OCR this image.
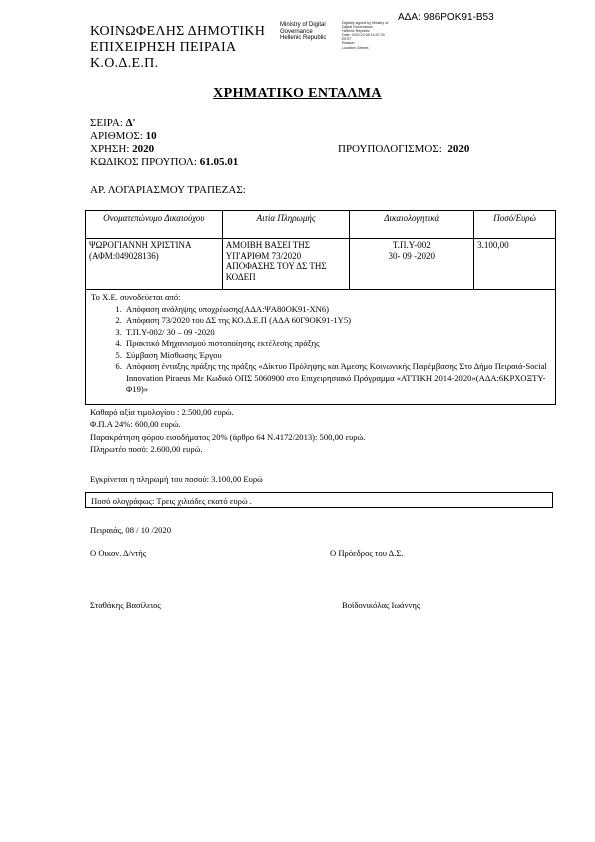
ΑΔΑ: 986ΡΟΚ91-Β53
ΚΟΙΝΩΦΕΛΗΣ ΔΗΜΟΤΙΚΗ
ΕΠΙΧΕΙΡΗΣΗ ΠΕΙΡΑΙΑ
Κ.Ο.Δ.Ε.Π.
Ministry of Digital
Governance
Hellenic Republic
Digitally signed by Ministry of
Digital Governance,
Hellenic Republic
Date: 2020.10.08 14:57:33
EEST
Reason:
Location: Athens
ΧΡΗΜΑΤΙΚΟ ΕΝΤΑΛΜΑ
ΣΕΙΡΑ: Δ'
ΑΡΙΘΜΟΣ: 10
ΧΡΗΣΗ: 2020	ΠΡΟΥΠΟΛΟΓΙΣΜΟΣ: 2020
ΚΩΔΙΚΟΣ ΠΡΟΥΠΟΛ: 61.05.01
ΑΡ. ΛΟΓΑΡΙΑΣΜΟΥ ΤΡΑΠΕΖΑΣ:
Ονοματεπώνυμο Δικαιούχου	Αιτία Πληρωμής	Δικαιολογητικά	Ποσό/Ευρώ
ΨΩΡΟΓΙΑΝΝΗ ΧΡΙΣΤΙΝΑ (ΑΦΜ:049028136)	ΑΜΟΙΒΗ ΒΑΣΕΙ ΤΗΣ ΥΠ'ΑΡΙΘΜ 73/2020 ΑΠΟΦΑΣΗΣ ΤΟΥ ΔΣ ΤΗΣ ΚΟΔΕΠ	Τ.Π.Υ-002
30- 09 -2020	3.100,00
Το Χ.Ε. συνοδεύεται από:
1. Απόφαση ανάληψης υποχρέωσης(ΑΔΑ:ΨΑ80ΟΚ91-ΧΝ6)
2. Απόφαση 73/2020 του ΔΣ της ΚΟ.Δ.Ε.Π (ΑΔΑ 60Γ9ΟΚ91-1Υ5)
3. Τ.Π.Υ-002/ 30 – 09 -2020
4. Πρακτικό Μηχανισμού πιστοποίησης εκτέλεσης πράξης
5. Σύμβαση Μίσθωσης Έργου
6. Απόφαση ένταξης πράξης της πράξης «Δίκτυο Πρόληψης και Άμεσης Κοινωνικής Παρέμβασης Στο Δήμο Πειραιά-Social Innovation Piraeus Με Κωδικό ΟΠΣ 5060900 στο Επιχειρησιακό Πρόγραμμα «ΑΤΤΙΚΗ 2014-2020»(ΑΔΑ:6ΚΡΧΟΞΤΥ-Φ19)»
Καθαρό αξία τιμολογίου : 2.500,00 ευρώ.
Φ.Π.Α 24%: 600,00 ευρώ.
Παρακράτηση φόρου εισοδήματος 20% (άρθρο 64 Ν.4172/2013): 500,00 ευρώ.
Πληρωτέο ποσό: 2.600,00 ευρώ.
Εγκρίνεται η πληρωμή του ποσού: 3.100,00 Ευρώ
Ποσό ολογράφως: Τρεις χιλιάδες εκατό ευρώ .
Πειραιάς, 08 / 10 /2020
Ο Οικον. Δ/ντής	Ο Πρόεδρος του Δ.Σ.
Σταθάκης Βασίλειος	Βοϊδονικόλας Ιωάννης
